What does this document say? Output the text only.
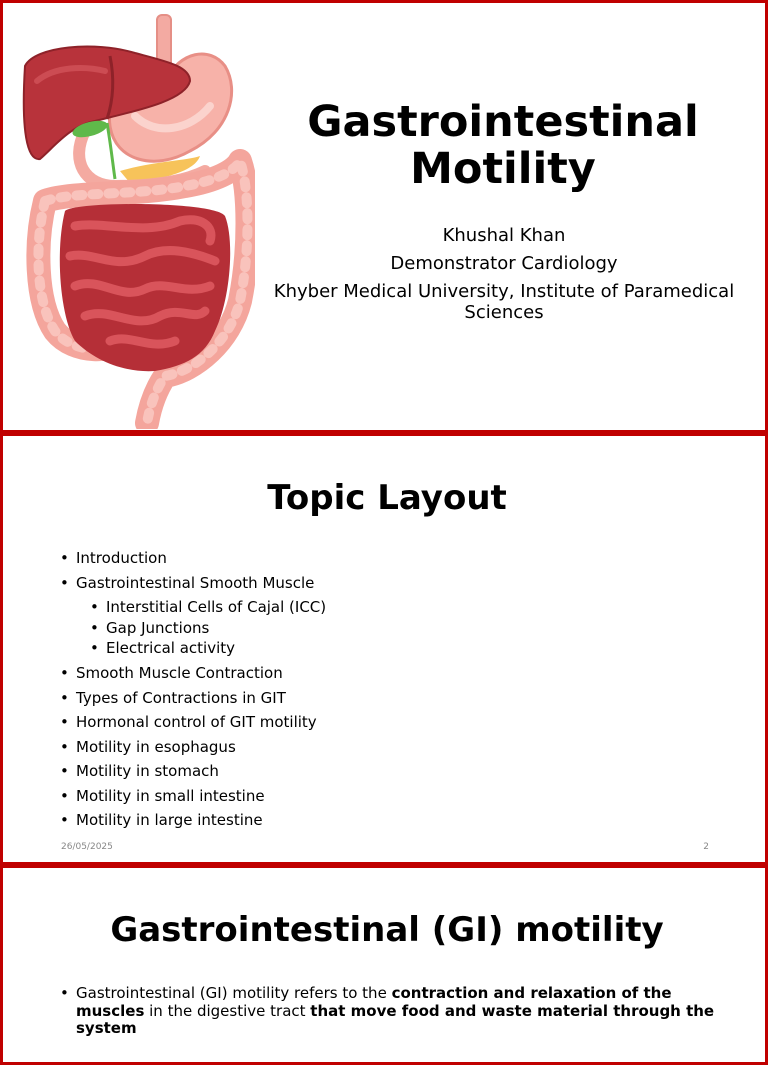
Gastrointestinal
Motility
Khushal Khan
Demonstrator Cardiology
Khyber Medical University, Institute of Paramedical Sciences
Topic Layout
• Introduction
• Gastrointestinal Smooth Muscle
• Interstitial Cells of Cajal (ICC)
• Gap Junctions
• Electrical activity
• Smooth Muscle Contraction
• Types of Contractions in GIT
• Hormonal control of GIT motility
• Motility in esophagus
• Motility in stomach
• Motility in small intestine
• Motility in large intestine
26/05/2025	2
Gastrointestinal (GI) motility
• Gastrointestinal (GI) motility refers to the contraction and relaxation of the muscles in the digestive tract that move food and waste material through the system
